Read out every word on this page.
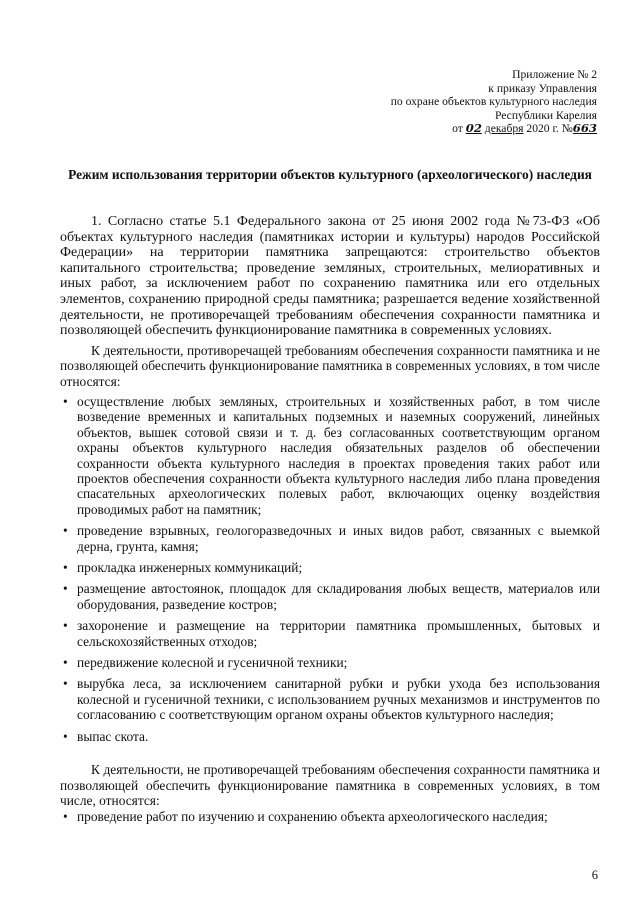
Приложение № 2
к приказу Управления
по охране объектов культурного наследия
Республики Карелия
от 02 декабря 2020 г. №663
Режим использования территории объектов культурного (археологического) наследия

1. Согласно статье 5.1 Федерального закона от 25 июня 2002 года №73-ФЗ «Об объектах культурного наследия (памятниках истории и культуры) народов Российской Федерации» на территории памятника запрещаются: строительство объектов капитального строительства; проведение земляных, строительных, мелиоративных и иных работ, за исключением работ по сохранению памятника или его отдельных элементов, сохранению природной среды памятника; разрешается ведение хозяйственной деятельности, не противоречащей требованиям обеспечения сохранности памятника и позволяющей обеспечить функционирование памятника в современных условиях.

К деятельности, противоречащей требованиям обеспечения сохранности памятника и не позволяющей обеспечить функционирование памятника в современных условиях, в том числе относятся:

• осуществление любых земляных, строительных и хозяйственных работ, в том числе возведение временных и капитальных подземных и наземных сооружений, линейных объектов, вышек сотовой связи и т. д. без согласованных соответствующим органом охраны объектов культурного наследия обязательных разделов об обеспечении сохранности объекта культурного наследия в проектах проведения таких работ или проектов обеспечения сохранности объекта культурного наследия либо плана проведения спасательных археологических полевых работ, включающих оценку воздействия проводимых работ на памятник;
• проведение взрывных, геологоразведочных и иных видов работ, связанных с выемкой дерна, грунта, камня;
• прокладка инженерных коммуникаций;
• размещение автостоянок, площадок для складирования любых веществ, материалов или оборудования, разведение костров;
• захоронение и размещение на территории памятника промышленных, бытовых и сельскохозяйственных отходов;
• передвижение колесной и гусеничной техники;
• вырубка леса, за исключением санитарной рубки и рубки ухода без использования колесной и гусеничной техники, с использованием ручных механизмов и инструментов по согласованию с соответствующим органом охраны объектов культурного наследия;
• выпас скота.

К деятельности, не противоречащей требованиям обеспечения сохранности памятника и позволяющей обеспечить функционирование памятника в современных условиях, в том числе, относятся:

• проведение работ по изучению и сохранению объекта археологического наследия;
6
